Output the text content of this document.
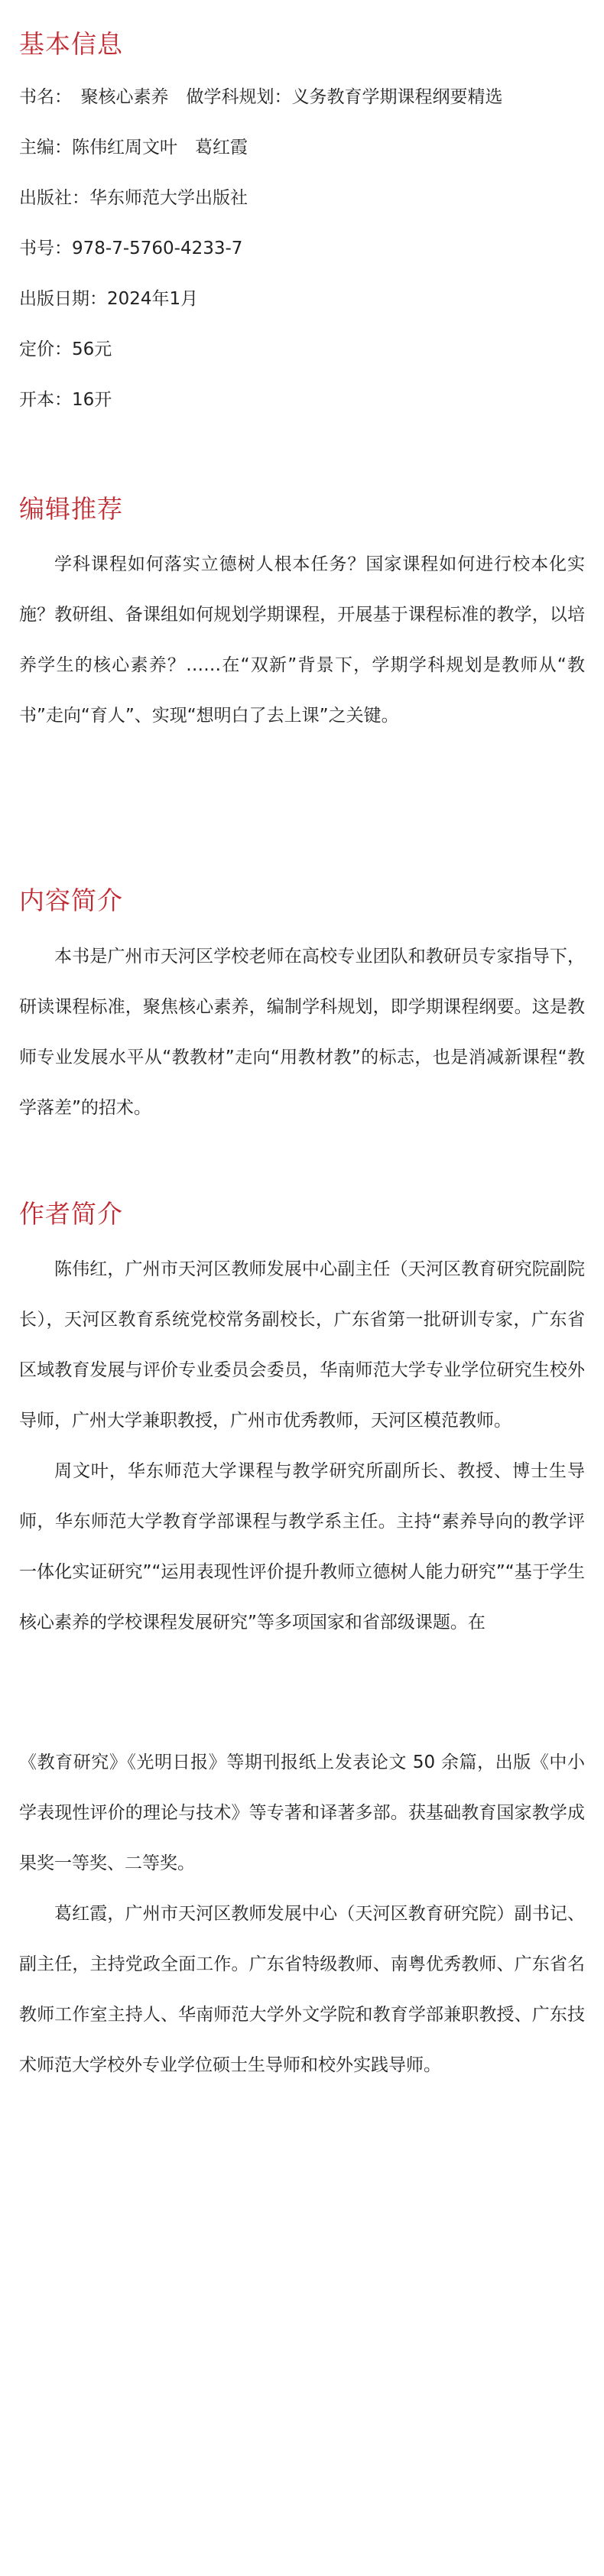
基本信息

书名：　聚核心素养　做学科规划：义务教育学期课程纲要精选

主编：陈伟红周文叶　葛红霞

出版社：华东师范大学出版社

书号：978-7-5760-4233-7

出版日期：2024年1月

定价：56元

开本：16开

编辑推荐

学科课程如何落实立德树人根本任务？国家课程如何进行校本化实施？教研组、备课组如何规划学期课程，开展基于课程标准的教学，以培养学生的核心素养？……在“双新”背景下，学期学科规划是教师从“教书”走向“育人”、实现“想明白了去上课”之关键。

内容简介

本书是广州市天河区学校老师在高校专业团队和教研员专家指导下，研读课程标准，聚焦核心素养，编制学科规划，即学期课程纲要。这是教师专业发展水平从“教教材”走向“用教材教”的标志，也是消减新课程“教学落差”的招术。

作者简介

陈伟红，广州市天河区教师发展中心副主任（天河区教育研究院副院长），天河区教育系统党校常务副校长，广东省第一批研训专家，广东省区域教育发展与评价专业委员会委员，华南师范大学专业学位研究生校外导师，广州大学兼职教授，广州市优秀教师，天河区模范教师。

周文叶，华东师范大学课程与教学研究所副所长、教授、博士生导师，华东师范大学教育学部课程与教学系主任。主持“素养导向的教学评一体化实证研究”“运用表现性评价提升教师立德树人能力研究”“基于学生核心素养的学校课程发展研究”等多项国家和省部级课题。在

《教育研究》《光明日报》等期刊报纸上发表论文 50 余篇，出版《中小学表现性评价的理论与技术》等专著和译著多部。获基础教育国家教学成果奖一等奖、二等奖。

葛红霞，广州市天河区教师发展中心（天河区教育研究院）副书记、副主任，主持党政全面工作。广东省特级教师、南粤优秀教师、广东省名教师工作室主持人、华南师范大学外文学院和教育学部兼职教授、广东技术师范大学校外专业学位硕士生导师和校外实践导师。
